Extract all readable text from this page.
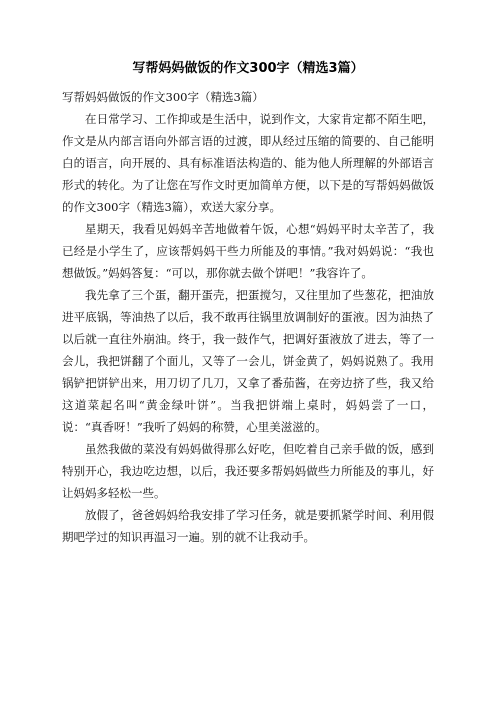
写帮妈妈做饭的作文300字（精选3篇）

写帮妈妈做饭的作文300字（精选3篇）

在日常学习、工作抑或是生活中，说到作文，大家肯定都不陌生吧，作文是从内部言语向外部言语的过渡，即从经过压缩的简要的、自己能明白的语言，向开展的、具有标准语法构造的、能为他人所理解的外部语言形式的转化。为了让您在写作文时更加简单方便，以下是的写帮妈妈做饭的作文300字（精选3篇），欢送大家分享。

星期天，我看见妈妈辛苦地做着午饭，心想“妈妈平时太辛苦了，我已经是小学生了，应该帮妈妈干些力所能及的事情。”我对妈妈说：“我也想做饭。”妈妈答复：“可以，那你就去做个饼吧！”我容许了。

我先拿了三个蛋，翻开蛋壳，把蛋搅匀，又往里加了些葱花，把油放进平底锅，等油热了以后，我不敢再往锅里放调制好的蛋液。因为油热了以后就一直往外崩油。终于，我一鼓作气，把调好蛋液放了进去，等了一会儿，我把饼翻了个面儿，又等了一会儿，饼金黄了，妈妈说熟了。我用锅铲把饼铲出来，用刀切了几刀，又拿了番茄酱，在旁边挤了些，我又给这道菜起名叫“黄金绿叶饼”。当我把饼端上桌时，妈妈尝了一口，说：“真香呀！”我听了妈妈的称赞，心里美滋滋的。

虽然我做的菜没有妈妈做得那么好吃，但吃着自己亲手做的饭，感到特别开心，我边吃边想，以后，我还要多帮妈妈做些力所能及的事儿，好让妈妈多轻松一些。

放假了，爸爸妈妈给我安排了学习任务，就是要抓紧学时间、利用假期吧学过的知识再温习一遍。别的就不让我动手。
